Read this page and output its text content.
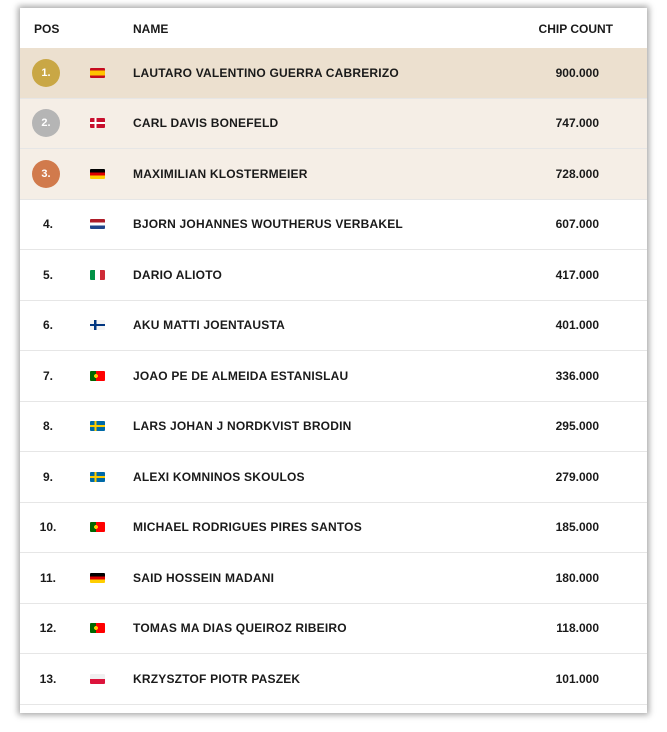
POS	NAME	CHIP COUNT
1.	LAUTARO VALENTINO GUERRA CABRERIZO	900.000
2.	CARL DAVIS BONEFELD	747.000
3.	MAXIMILIAN KLOSTERMEIER	728.000
4.	BJORN JOHANNES WOUTHERUS VERBAKEL	607.000
5.	DARIO ALIOTO	417.000
6.	AKU MATTI JOENTAUSTA	401.000
7.	JOAO PE DE ALMEIDA ESTANISLAU	336.000
8.	LARS JOHAN J NORDKVIST BRODIN	295.000
9.	ALEXI KOMNINOS SKOULOS	279.000
10.	MICHAEL RODRIGUES PIRES SANTOS	185.000
11.	SAID HOSSEIN MADANI	180.000
12.	TOMAS MA DIAS QUEIROZ RIBEIRO	118.000
13.	KRZYSZTOF PIOTR PASZEK	101.000
